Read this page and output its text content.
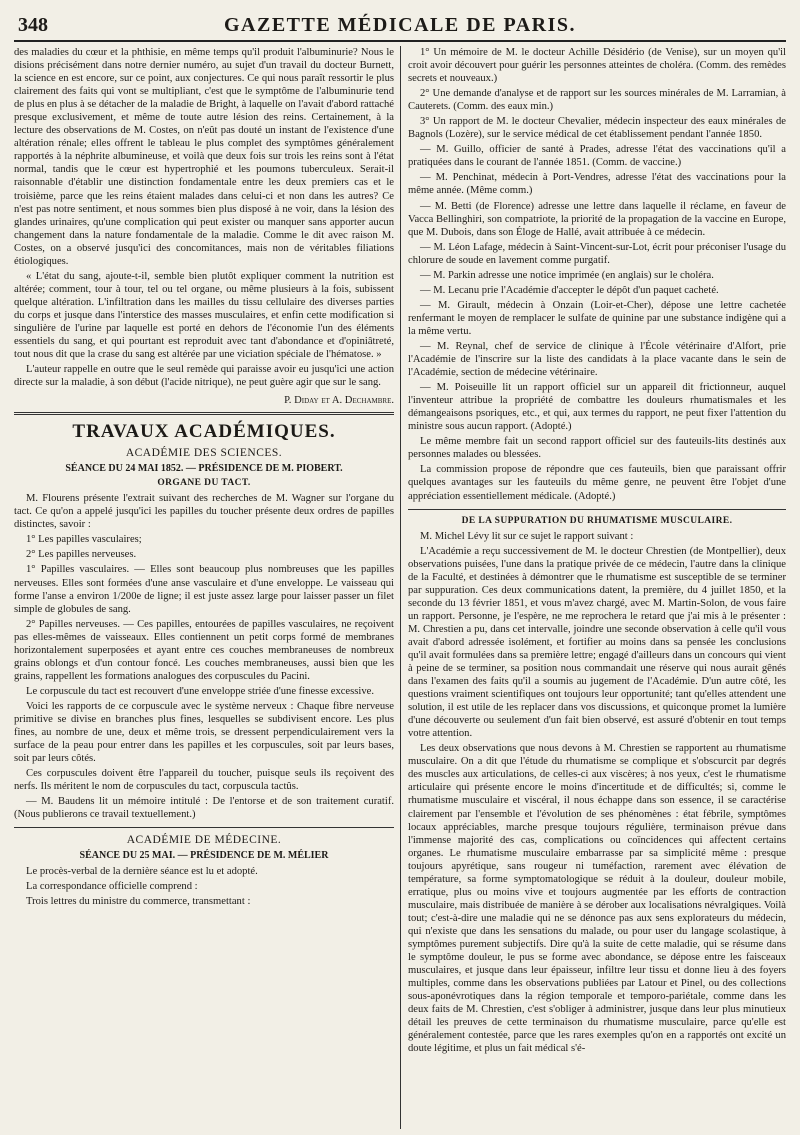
348	GAZETTE MÉDICALE DE PARIS.

des maladies du cœur et la phthisie, en même temps qu'il produit l'albuminurie? Nous le disions précisément dans notre dernier numéro, au sujet d'un travail du docteur Burnett, la science en est encore, sur ce point, aux conjectures. Ce qui nous paraît ressortir le plus clairement des faits qui vont se multipliant, c'est que le symptôme de l'albuminurie tend de plus en plus à se détacher de la maladie de Bright, à laquelle on l'avait d'abord rattaché presque exclusivement, et même de toute autre lésion des reins. Certainement, à la lecture des observations de M. Costes, on n'eût pas douté un instant de l'existence d'une altération rénale; elles offrent le tableau le plus complet des symptômes généralement rapportés à la néphrite albumineuse, et voilà que deux fois sur trois les reins sont à l'état normal, tandis que le cœur est hypertrophié et les poumons tuberculeux. Serait-il raisonnable d'établir une distinction fondamentale entre les deux premiers cas et le troisième, parce que les reins étaient malades dans celui-ci et non dans les autres? Ce n'est pas notre sentiment, et nous sommes bien plus disposé à ne voir, dans la lésion des glandes urinaires, qu'une complication qui peut exister ou manquer sans apporter aucun changement dans la nature fondamentale de la maladie. Comme le dit avec raison M. Costes, on a observé jusqu'ici des concomitances, mais non de véritables filiations étiologiques.

« L'état du sang, ajoute-t-il, semble bien plutôt expliquer comment la nutrition est altérée; comment, tour à tour, tel ou tel organe, ou même plusieurs à la fois, subissent quelque altération. L'infiltration dans les mailles du tissu cellulaire des diverses parties du corps et jusque dans l'interstice des masses musculaires, et enfin cette modification si singulière de l'urine par laquelle est porté en dehors de l'économie l'un des éléments essentiels du sang, et qui pourtant est reproduit avec tant d'abondance et d'opiniâtreté, tout nous dit que la crase du sang est altérée par une viciation spéciale de l'hématose. »

L'auteur rappelle en outre que le seul remède qui paraisse avoir eu jusqu'ici une action directe sur la maladie, à son début (l'acide nitrique), ne peut guère agir que sur le sang.

P. Diday et A. Dechambre.
TRAVAUX ACADÉMIQUES.
ACADÉMIE DES SCIENCES.
SÉANCE DU 24 MAI 1852. — PRÉSIDENCE DE M. PIOBERT.
ORGANE DU TACT.

M. Flourens présente l'extrait suivant des recherches de M. Wagner sur l'organe du tact. Ce qu'on a appelé jusqu'ici les papilles du toucher présente deux ordres de papilles distinctes, savoir :

1° Les papilles vasculaires;

2° Les papilles nerveuses.

1° Papilles vasculaires. — Elles sont beaucoup plus nombreuses que les papilles nerveuses. Elles sont formées d'une anse vasculaire et d'une enveloppe. Le vaisseau qui forme l'anse a environ 1/200e de ligne; il est juste assez large pour laisser passer un filet simple de globules de sang.

2° Papilles nerveuses. — Ces papilles, entourées de papilles vasculaires, ne reçoivent pas elles-mêmes de vaisseaux. Elles contiennent un petit corps formé de membranes horizontalement superposées et ayant entre ces couches membraneuses de nombreux grains oblongs et d'un contour foncé. Les couches membraneuses, aussi bien que les grains, rappellent les formations analogues des corpuscules du Pacini.

Le corpuscule du tact est recouvert d'une enveloppe striée d'une finesse excessive.

Voici les rapports de ce corpuscule avec le système nerveux : Chaque fibre nerveuse primitive se divise en branches plus fines, lesquelles se subdivisent encore. Les plus fines, au nombre de une, deux et même trois, se dressent perpendiculairement vers la surface de la peau pour entrer dans les papilles et les corpuscules, soit par leurs bases, soit par leurs côtés.

Ces corpuscules doivent être l'appareil du toucher, puisque seuls ils reçoivent des nerfs. Ils méritent le nom de corpuscules du tact, corpuscula tactûs.

— M. Baudens lit un mémoire intitulé : De l'entorse et de son traitement curatif. (Nous publierons ce travail textuellement.)

ACADÉMIE DE MÉDECINE.
SÉANCE DU 25 MAI. — PRÉSIDENCE DE M. MÉLIER

Le procès-verbal de la dernière séance est lu et adopté.

La correspondance officielle comprend :

Trois lettres du ministre du commerce, transmettant :

1° Un mémoire de M. le docteur Achille Désidério (de Venise), sur un moyen qu'il croit avoir découvert pour guérir les personnes atteintes de choléra. (Comm. des remèdes secrets et nouveaux.)

2° Une demande d'analyse et de rapport sur les sources minérales de M. Larramian, à Cauterets. (Comm. des eaux min.)

3° Un rapport de M. le docteur Chevalier, médecin inspecteur des eaux minérales de Bagnols (Lozère), sur le service médical de cet établissement pendant l'année 1850.

— M. Guillo, officier de santé à Prades, adresse l'état des vaccinations qu'il a pratiquées dans le courant de l'année 1851. (Comm. de vaccine.)

— M. Penchinat, médecin à Port-Vendres, adresse l'état des vaccinations pour la même année. (Même comm.)

— M. Betti (de Florence) adresse une lettre dans laquelle il réclame, en faveur de Vacca Bellinghiri, son compatriote, la priorité de la propagation de la vaccine en Europe, que M. Dubois, dans son Éloge de Hallé, avait attribuée à ce médecin.

— M. Léon Lafage, médecin à Saint-Vincent-sur-Lot, écrit pour préconiser l'usage du chlorure de soude en lavement comme purgatif.

— M. Parkin adresse une notice imprimée (en anglais) sur le choléra.

— M. Lecanu prie l'Académie d'accepter le dépôt d'un paquet cacheté.

— M. Girault, médecin à Onzain (Loir-et-Cher), dépose une lettre cachetée renfermant le moyen de remplacer le sulfate de quinine par une substance indigène qui a la même vertu.

— M. Reynal, chef de service de clinique à l'École vétérinaire d'Alfort, prie l'Académie de l'inscrire sur la liste des candidats à la place vacante dans le sein de l'Académie, section de médecine vétérinaire.

— M. Poiseuille lit un rapport officiel sur un appareil dit frictionneur, auquel l'inventeur attribue la propriété de combattre les douleurs rhumatismales et les démangeaisons psoriques, etc., et qui, aux termes du rapport, ne peut fixer l'attention du ministre sous aucun rapport. (Adopté.)

Le même membre fait un second rapport officiel sur des fauteuils-lits destinés aux personnes malades ou blessées.

La commission propose de répondre que ces fauteuils, bien que paraissant offrir quelques avantages sur les fauteuils du même genre, ne peuvent être l'objet d'une appréciation essentiellement médicale. (Adopté.)

DE LA SUPPURATION DU RHUMATISME MUSCULAIRE.

M. Michel Lévy lit sur ce sujet le rapport suivant :

L'Académie a reçu successivement de M. le docteur Chrestien (de Montpellier), deux observations puisées, l'une dans la pratique privée de ce médecin, l'autre dans la clinique de la Faculté, et destinées à démontrer que le rhumatisme est susceptible de se terminer par suppuration. Ces deux communications datent, la première, du 4 juillet 1850, et la seconde du 13 février 1851, et vous m'avez chargé, avec M. Martin-Solon, de vous faire un rapport. Personne, je l'espère, ne me reprochera le retard que j'ai mis à le présenter : M. Chrestien a pu, dans cet intervalle, joindre une seconde observation à celle qu'il vous avait d'abord adressée isolément, et fortifier au moins dans sa pensée les conclusions qu'il avait formulées dans sa première lettre; engagé d'ailleurs dans un concours qui vient à peine de se terminer, sa position nous commandait une réserve qui nous aurait gênés dans l'examen des faits qu'il a soumis au jugement de l'Académie. D'un autre côté, les questions vraiment scientifiques ont toujours leur opportunité; tant qu'elles attendent une solution, il est utile de les replacer dans vos discussions, et quiconque promet la lumière d'une découverte ou seulement d'un fait bien observé, est assuré d'obtenir en tout temps votre attention.

Les deux observations que nous devons à M. Chrestien se rapportent au rhumatisme musculaire. On a dit que l'étude du rhumatisme se complique et s'obscurcit par degrés des muscles aux articulations, de celles-ci aux viscères; à nos yeux, c'est le rhumatisme articulaire qui présente encore le moins d'incertitude et de difficultés; si, comme le rhumatisme musculaire et viscéral, il nous échappe dans son essence, il se caractérise clairement par l'ensemble et l'évolution de ses phénomènes : état fébrile, symptômes locaux appréciables, marche presque toujours régulière, terminaison prévue dans l'immense majorité des cas, complications ou coïncidences qui affectent certains organes. Le rhumatisme musculaire embarrasse par sa simplicité même : presque toujours apyrétique, sans rougeur ni tuméfaction, rarement avec élévation de température, sa forme symptomatologique se réduit à la douleur, douleur mobile, erratique, plus ou moins vive et toujours augmentée par les efforts de contraction musculaire, mais distribuée de manière à se dérober aux localisations névralgiques. Voilà tout; c'est-à-dire une maladie qui ne se dénonce pas aux sens explorateurs du médecin, qui n'existe que dans les sensations du malade, ou pour user du langage scolastique, à symptômes purement subjectifs. Dire qu'à la suite de cette maladie, qui se résume dans le symptôme douleur, le pus se forme avec abondance, se dépose entre les faisceaux musculaires, et jusque dans leur épaisseur, infiltre leur tissu et donne lieu à des foyers multiples, comme dans les observations publiées par Latour et Pinel, ou des collections sous-aponévrotiques dans la région temporale et temporo-pariétale, comme dans les deux faits de M. Chrestien, c'est s'obliger à administrer, jusque dans leur plus minutieux détail les preuves de cette terminaison du rhumatisme musculaire, parce qu'elle est généralement contestée, parce que les rares exemples qu'on en a rapportés ont excité un doute légitime, et plus un fait médical s'é-
